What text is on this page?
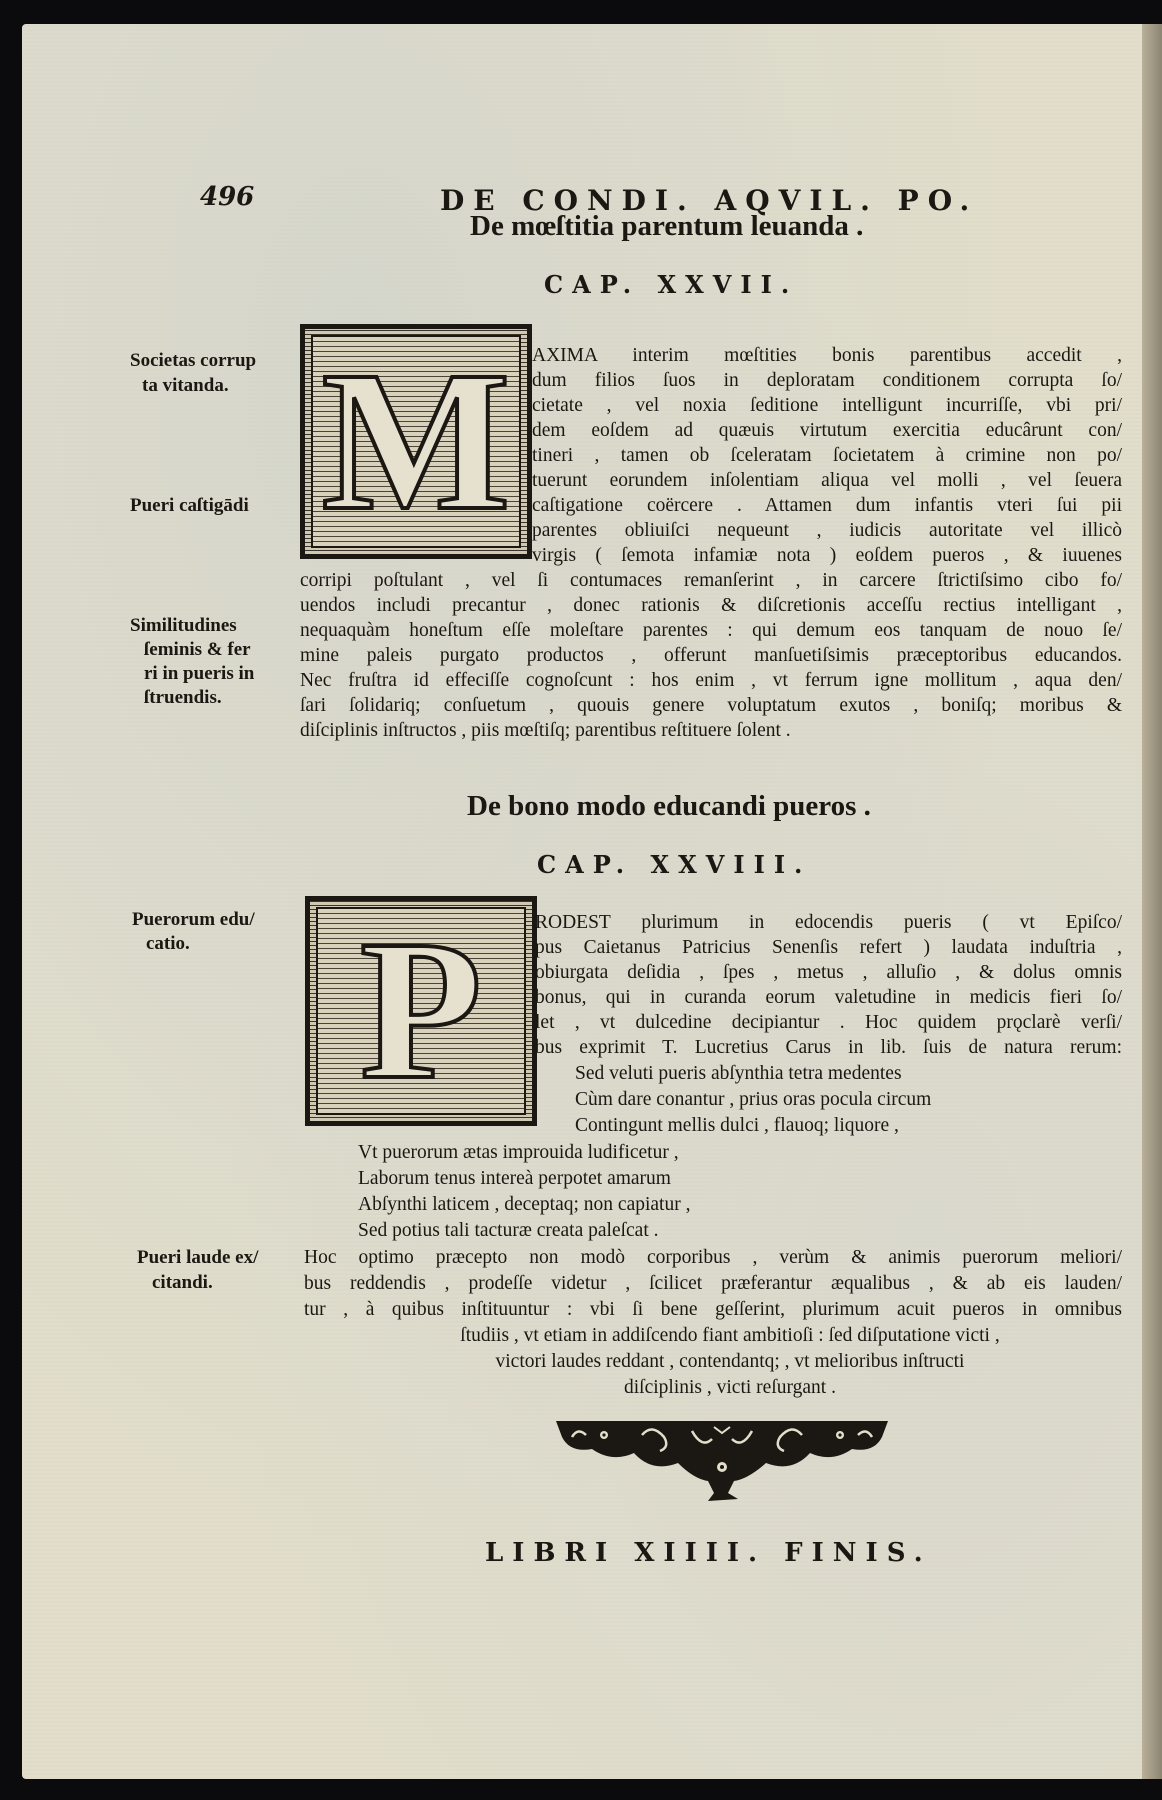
496	DE CONDI. AQVIL. PO.
De mœſtitia parentum leuanda .
CAP. XXVII.
M AXIMA interim mœſtities bonis parentibus accedit ,
dum filios ſuos in deploratam conditionem corrupta ſo/
cietate , vel noxia ſeditione intelligunt incurriſſe, vbi pri/
dem eoſdem ad quæuis virtutum exercitia educârunt con/
tineri , tamen ob ſceleratam ſocietatem à crimine non po/
tuerunt eorundem inſolentiam aliqua vel molli , vel ſeuera
caſtigatione coërcere . Attamen dum infantis vteri ſui pii
parentes obliuiſci nequeunt , iudicis autoritate vel illicò
virgis ( ſemota infamiæ nota ) eoſdem pueros , & iuuenes
corripi poſtulant , vel ſi contumaces remanſerint , in carcere ſtrictiſsimo cibo fo/
uendos includi precantur , donec rationis & diſcretionis acceſſu rectius intelligant ,
nequaquàm honeſtum eſſe moleſtare parentes : qui demum eos tanquam de nouo ſe/
mine paleis purgato productos , offerunt manſuetiſsimis præceptoribus educandos.
Nec fruſtra id effeciſſe cognoſcunt : hos enim , vt ferrum igne mollitum , aqua den/
ſari ſolidariq; conſuetum , quouis genere voluptatum exutos , boniſq; moribus &
diſciplinis inſtructos , piis mœſtiſq; parentibus reſtituere ſolent .
Societas corrup
ta vitanda.
Pueri caſtigādi
Similitudines
ſeminis & fer
ri in pueris in
ſtruendis.
De bono modo educandi pueros .
CAP. XXVIII.
P	RODEST plurimum in edocendis pueris ( vt Epiſco/
pus Caietanus Patricius Senenſis refert ) laudata induſtria ,
obiurgata deſidia , ſpes , metus , alluſio , & dolus omnis
bonus, qui in curanda eorum valetudine in medicis fieri ſo/
let , vt dulcedine decipiantur . Hoc quidem prǫclarè verſi/
bus exprimit T. Lucretius Carus in lib. ſuis de natura rerum:
Sed veluti pueris abſynthia tetra medentes
Cùm dare conantur , prius oras pocula circum
Contingunt mellis dulci , flauoq; liquore ,
Vt puerorum ætas improuida ludificetur ,
Laborum tenus intereà perpotet amarum
Abſynthi laticem , deceptaq; non capiatur ,
Sed potius tali tacturæ creata paleſcat .
Hoc optimo præcepto non modò corporibus , verùm & animis puerorum meliori/
bus reddendis , prodeſſe videtur , ſcilicet præferantur æqualibus , & ab eis lauden/
tur , à quibus inſtituuntur : vbi ſi bene geſſerint, plurimum acuit pueros in omnibus
ſtudiis , vt etiam in addiſcendo fiant ambitioſi : ſed diſputatione victi ,
victori laudes reddant , contendantq; , vt melioribus inſtructi
diſciplinis , victi reſurgant .
Puerorum edu/
catio.
Pueri laude ex/
citandi.
LIBRI XIIII. FINIS.
